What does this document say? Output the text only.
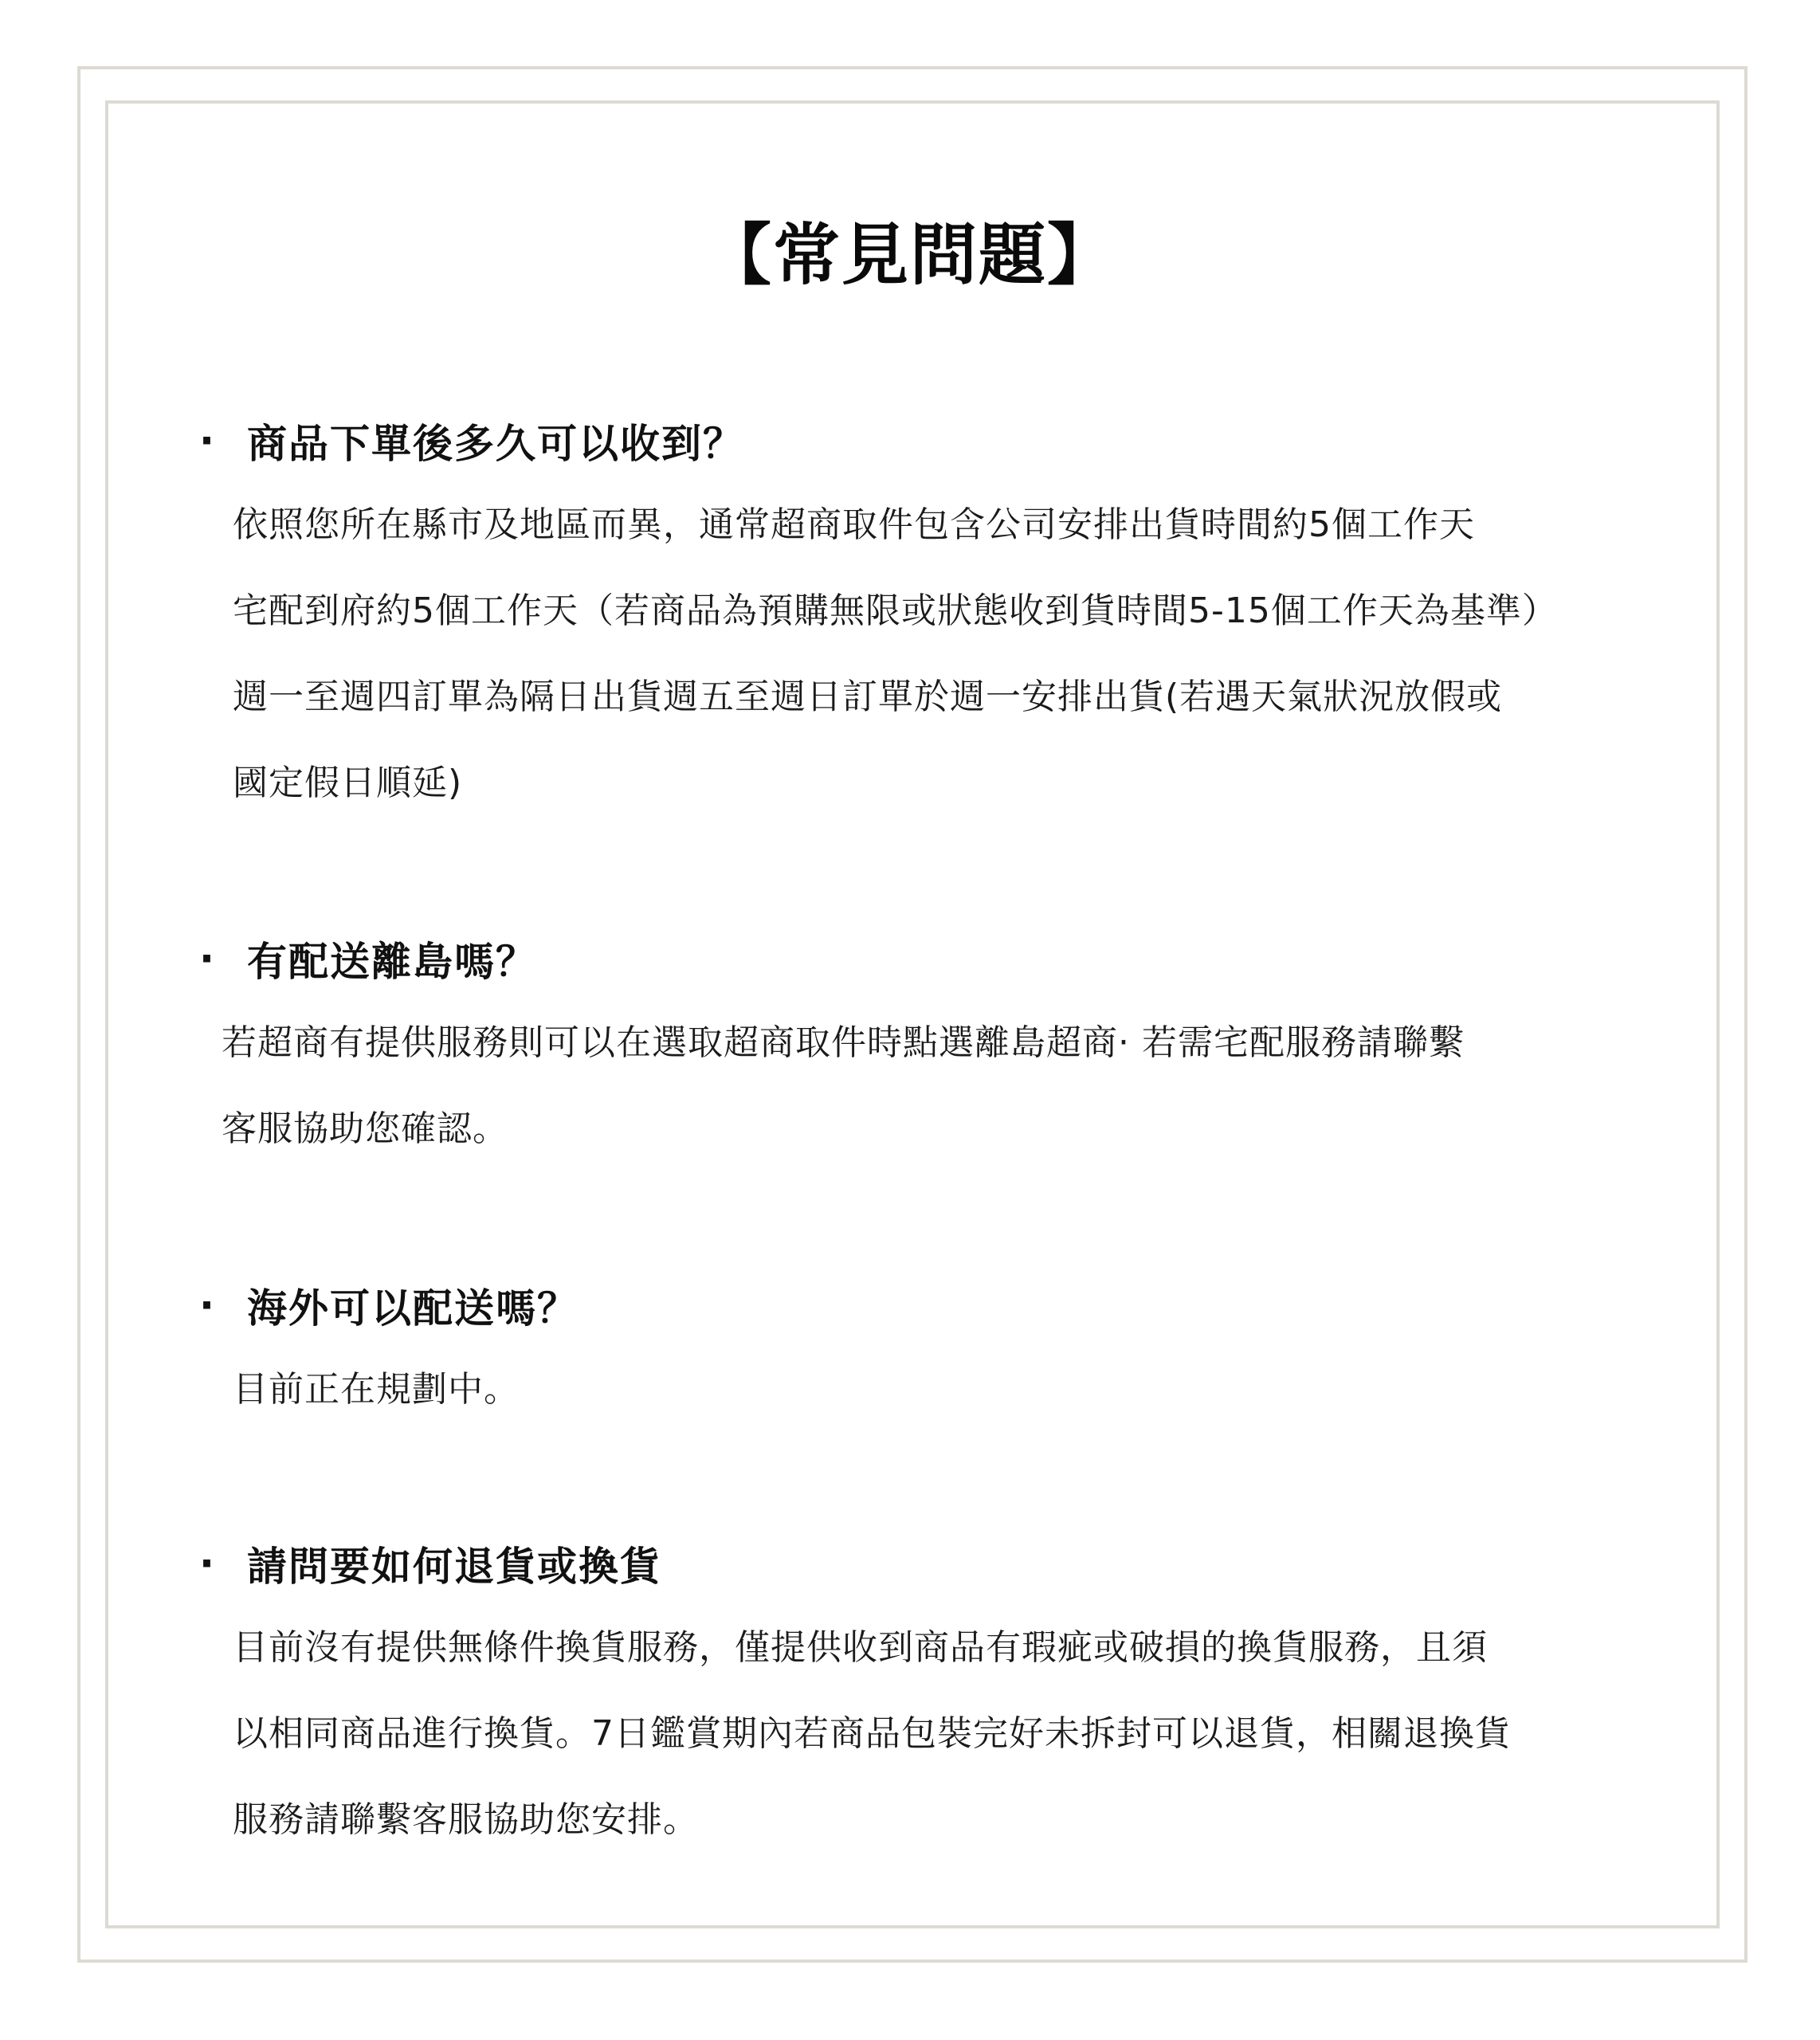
【常見問題】
· 商品下單後多久可以收到？

依照您所在縣市及地區而異，通常超商取件包含公司安排出貨時間約5個工作天

宅配到府約5個工作天（若商品為預購無限或狀態收到貨時間5-15個工作天為基準）

週一至週四訂單為隔日出貨週五至週日訂單於週一安排出貨(若遇天氣狀況放假或

國定假日順延)

· 有配送離島嗎？

若超商有提供服務則可以在選取超商取件時點選離島超商· 若需宅配服務請聯繫

客服協助您確認。

· 海外可以配送嗎？

目前正在規劃中。

· 請問要如何退貨或換貨

目前沒有提供無條件換貨服務，僅提供收到商品有瑕疵或破損的換貨服務，且須

以相同商品進行換貨。7日鑑賞期內若商品包裝完好未拆封可以退貨，相關退換貨

服務請聯繫客服協助您安排。
